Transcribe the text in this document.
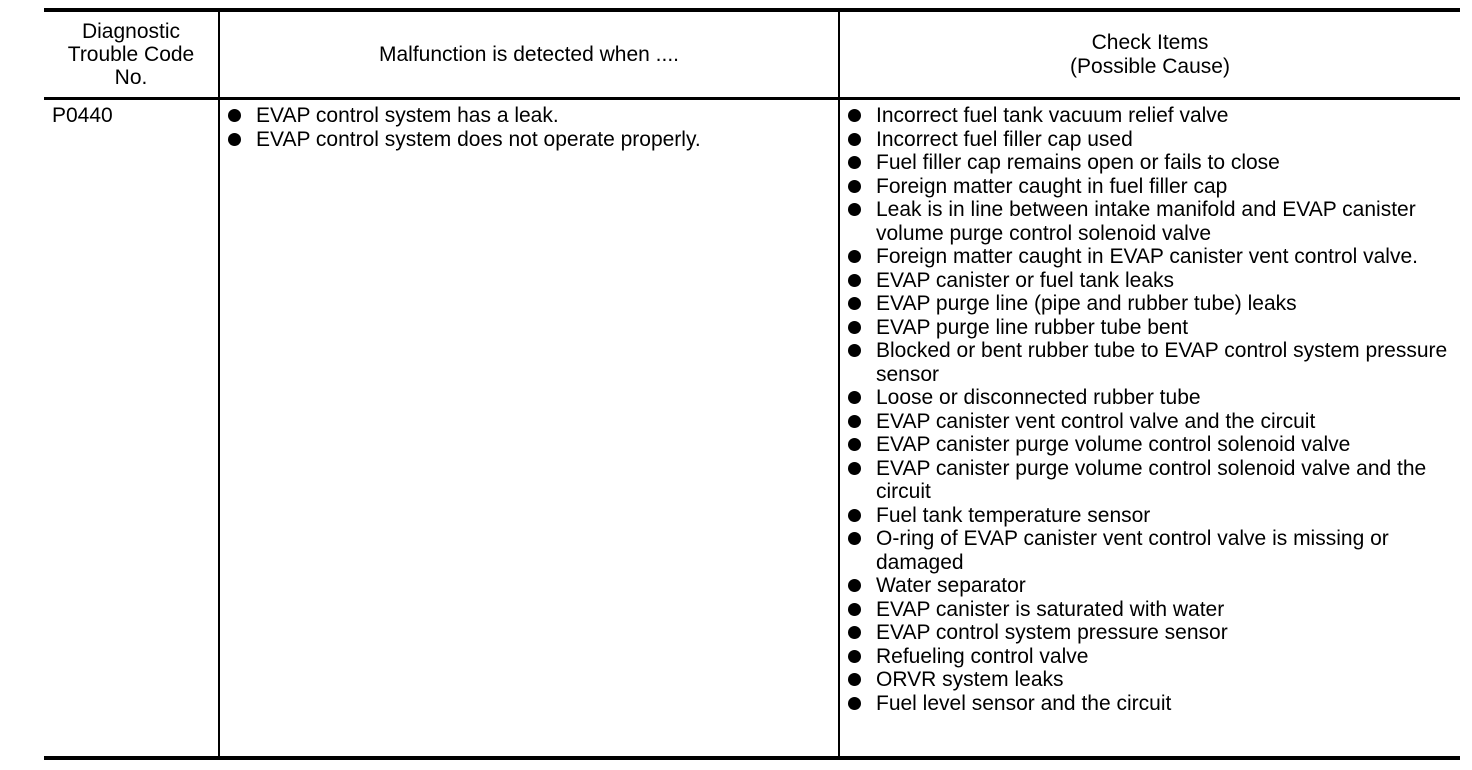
Diagnostic
Trouble Code
No.
Malfunction is detected when ....
Check Items
(Possible Cause)
P0440	EVAP control system has a leak.
EVAP control system does not operate properly.
Incorrect fuel tank vacuum relief valve
Incorrect fuel filler cap used
Fuel filler cap remains open or fails to close
Foreign matter caught in fuel filler cap
Leak is in line between intake manifold and EVAP canister volume purge control solenoid valve
Foreign matter caught in EVAP canister vent control valve.
EVAP canister or fuel tank leaks
EVAP purge line (pipe and rubber tube) leaks
EVAP purge line rubber tube bent
Blocked or bent rubber tube to EVAP control system pressure sensor
Loose or disconnected rubber tube
EVAP canister vent control valve and the circuit
EVAP canister purge volume control solenoid valve
EVAP canister purge volume control solenoid valve and the circuit
Fuel tank temperature sensor
O-ring of EVAP canister vent control valve is missing or damaged
Water separator
EVAP canister is saturated with water
EVAP control system pressure sensor
Refueling control valve
ORVR system leaks
Fuel level sensor and the circuit
